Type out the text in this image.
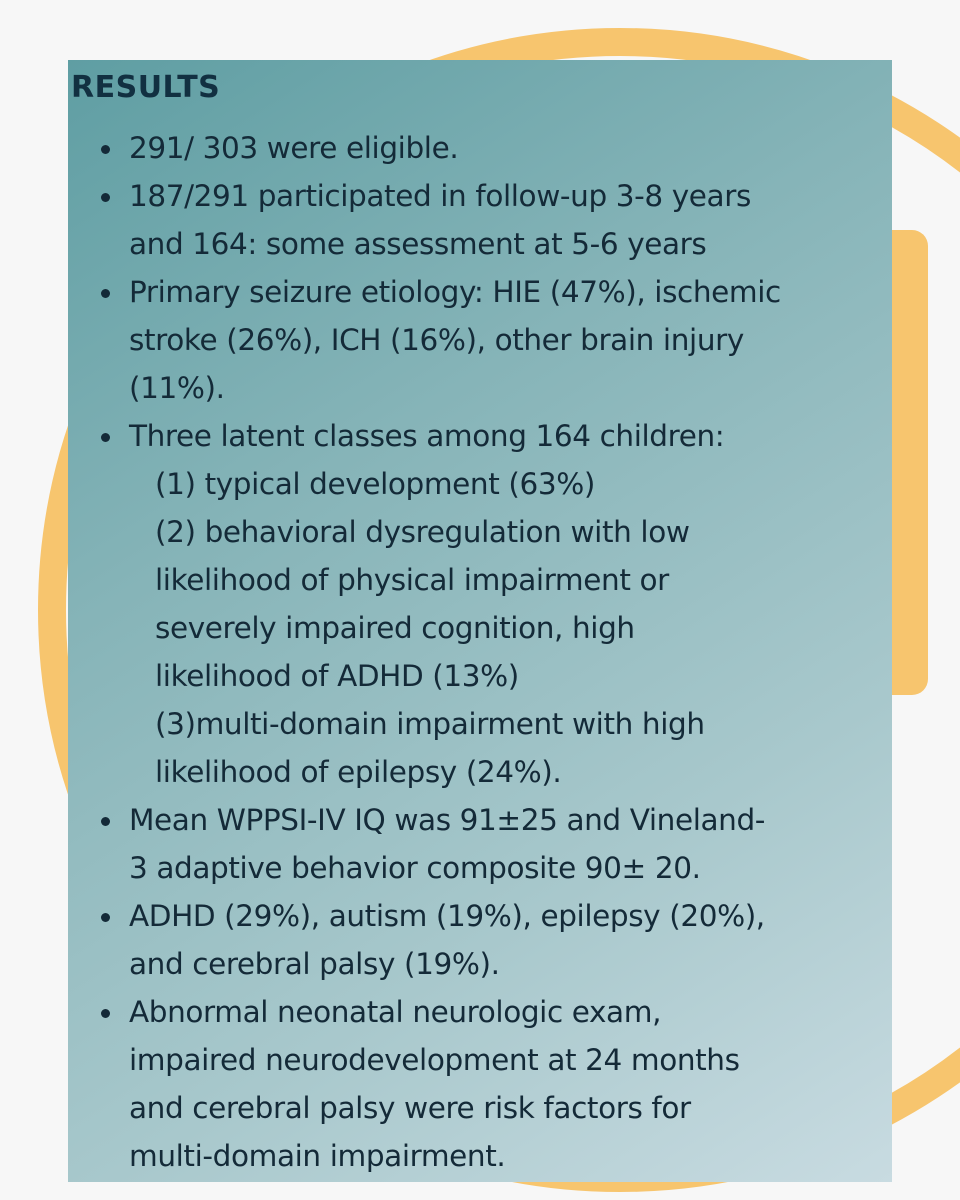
RESULTS
291/ 303 were eligible.
187/291 participated in follow-up 3-8 years
and 164: some assessment at 5-6 years
Primary seizure etiology: HIE (47%), ischemic
stroke (26%), ICH (16%), other brain injury
(11%).
Three latent classes among 164 children:
(1) typical development (63%)
(2) behavioral dysregulation with low
likelihood of physical impairment or
severely impaired cognition, high
likelihood of ADHD (13%)
(3)multi-domain impairment with high
likelihood of epilepsy (24%).
Mean WPPSI-IV IQ was 91±25 and Vineland-
3 adaptive behavior composite 90± 20.
ADHD (29%), autism (19%), epilepsy (20%),
and cerebral palsy (19%).
Abnormal neonatal neurologic exam,
impaired neurodevelopment at 24 months
and cerebral palsy were risk factors for
multi-domain impairment.
